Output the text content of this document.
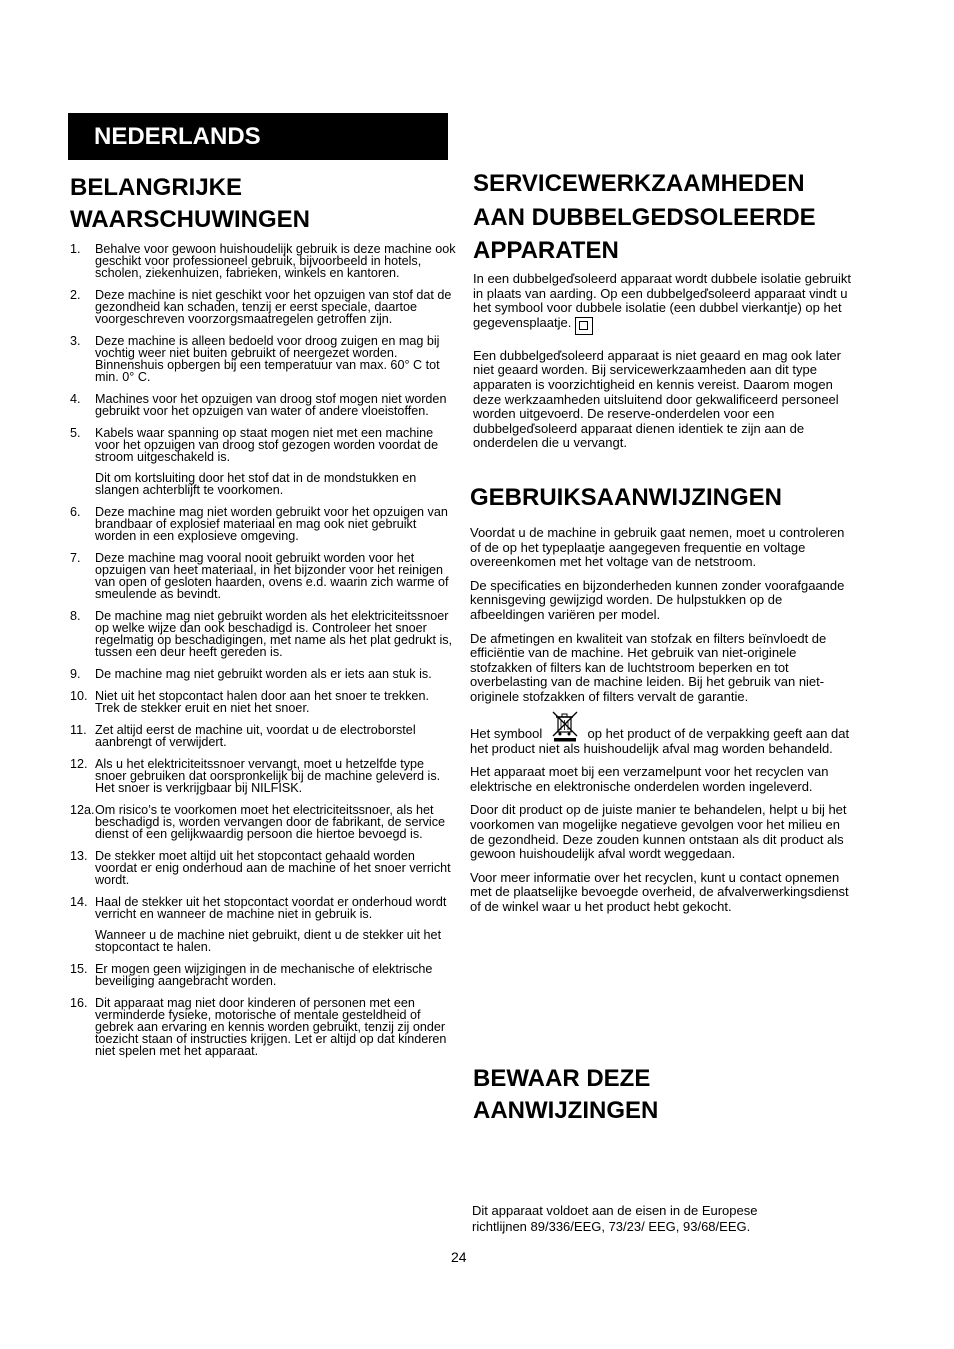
NEDERLANDS
BELANGRIJKE
WAARSCHUWINGEN
1. Behalve voor gewoon huishoudelijk gebruik is deze machine ook geschikt voor professioneel gebruik, bijvoorbeeld in hotels, scholen, ziekenhuizen, fabrieken, winkels en kantoren.
2. Deze machine is niet geschikt voor het opzuigen van stof dat de gezondheid kan schaden, tenzij er eerst speciale, daartoe voorgeschreven voorzorgsmaatregelen getroffen zijn.
3. Deze machine is alleen bedoeld voor droog zuigen en mag bij vochtig weer niet buiten gebruikt of neergezet worden. Binnenshuis opbergen bij een temperatuur van max. 60° C tot min. 0° C.
4. Machines voor het opzuigen van droog stof mogen niet worden gebruikt voor het opzuigen van water of andere vloeistoffen.
5. Kabels waar spanning op staat mogen niet met een machine voor het opzuigen van droog stof gezogen worden voordat de stroom uitgeschakeld is.
Dit om kortsluiting door het stof dat in de mondstukken en slangen achterblijft te voorkomen.
6. Deze machine mag niet worden gebruikt voor het opzuigen van brandbaar of explosief materiaal en mag ook niet gebruikt worden in een explosieve omgeving.
7. Deze machine mag vooral nooit gebruikt worden voor het opzuigen van heet materiaal, in het bijzonder voor het reinigen van open of gesloten haarden, ovens e.d. waarin zich warme of smeulende as bevindt.
8. De machine mag niet gebruikt worden als het elektriciteitssnoer op welke wijze dan ook beschadigd is. Controleer het snoer regelmatig op beschadigingen, met name als het plat gedrukt is, tussen een deur heeft gereden is.
9. De machine mag niet gebruikt worden als er iets aan stuk is.
10. Niet uit het stopcontact halen door aan het snoer te trekken. Trek de stekker eruit en niet het snoer.
11. Zet altijd eerst de machine uit, voordat u de electroborstel aanbrengt of verwijdert.
12. Als u het elektriciteitssnoer vervangt, moet u hetzelfde type snoer gebruiken dat oorspronkelijk bij de machine geleverd is. Het snoer is verkrijgbaar bij NILFISK.
12a. Om risico’s te voorkomen moet het electriciteitssnoer, als het beschadigd is, worden vervangen door de fabrikant, de service dienst of een gelijkwaardig persoon die hiertoe bevoegd is.
13. De stekker moet altijd uit het stopcontact gehaald worden voordat er enig onderhoud aan de machine of het snoer verricht wordt.
14. Haal de stekker uit het stopcontact voordat er onderhoud wordt verricht en wanneer de machine niet in gebruik is.
Wanneer u de machine niet gebruikt, dient u de stekker uit het stopcontact te halen.
15. Er mogen geen wijzigingen in de mechanische of elektrische beveiliging aangebracht worden.
16. Dit apparaat mag niet door kinderen of personen met een verminderde fysieke, motorische of mentale gesteldheid of gebrek aan ervaring en kennis worden gebruikt, tenzij zij onder toezicht staan of instructies krijgen. Let er altijd op dat kinderen niet spelen met het apparaat.
SERVICEWERKZAAMHEDEN
AAN DUBBELGEDSOLEERDE
APPARATEN

In een dubbelgeďsoleerd apparaat wordt dubbele isolatie gebruikt in plaats van aarding. Op een dubbelgeďsoleerd apparaat vindt u het symbool voor dubbele isolatie (een dubbel vierkantje) op het gegevensplaatje.

Een dubbelgeďsoleerd apparaat is niet geaard en mag ook later niet geaard worden. Bij servicewerkzaamheden aan dit type apparaten is voorzichtigheid en kennis vereist. Daarom mogen deze werkzaamheden uitsluitend door gekwalificeerd personeel worden uitgevoerd. De reserve-onderdelen voor een dubbelgeďsoleerd apparaat dienen identiek te zijn aan de onderdelen die u vervangt.

GEBRUIKSAANWIJZINGEN

Voordat u de machine in gebruik gaat nemen, moet u controleren of de op het typeplaatje aangegeven frequentie en voltage overeenkomen met het voltage van de netstroom.

De specificaties en bijzonderheden kunnen zonder voorafgaande kennisgeving gewijzigd worden. De hulpstukken op de afbeeldingen variëren per model.

De afmetingen en kwaliteit van stofzak en filters beïnvloedt de efficiëntie van de machine. Het gebruik van niet-originele stofzakken of filters kan de luchtstroom beperken en tot overbelasting van de machine leiden. Bij het gebruik van niet-originele stofzakken of filters vervalt de garantie.

Het symbool	op het product of de verpakking geeft aan dat het product niet als huishoudelijk afval mag worden behandeld.

Het apparaat moet bij een verzamelpunt voor het recyclen van elektrische en elektronische onderdelen worden ingeleverd.

Door dit product op de juiste manier te behandelen, helpt u bij het voorkomen van mogelijke negatieve gevolgen voor het milieu en de gezondheid. Deze zouden kunnen ontstaan als dit product als gewoon huishoudelijk afval wordt weggedaan.

Voor meer informatie over het recyclen, kunt u contact opnemen met de plaatselijke bevoegde overheid, de afvalverwerkingsdienst of de winkel waar u het product hebt gekocht.

BEWAAR DEZE
AANWIJZINGEN
Dit apparaat voldoet aan de eisen in de Europese
richtlijnen 89/336/EEG, 73/23/ EEG, 93/68/EEG.
24
